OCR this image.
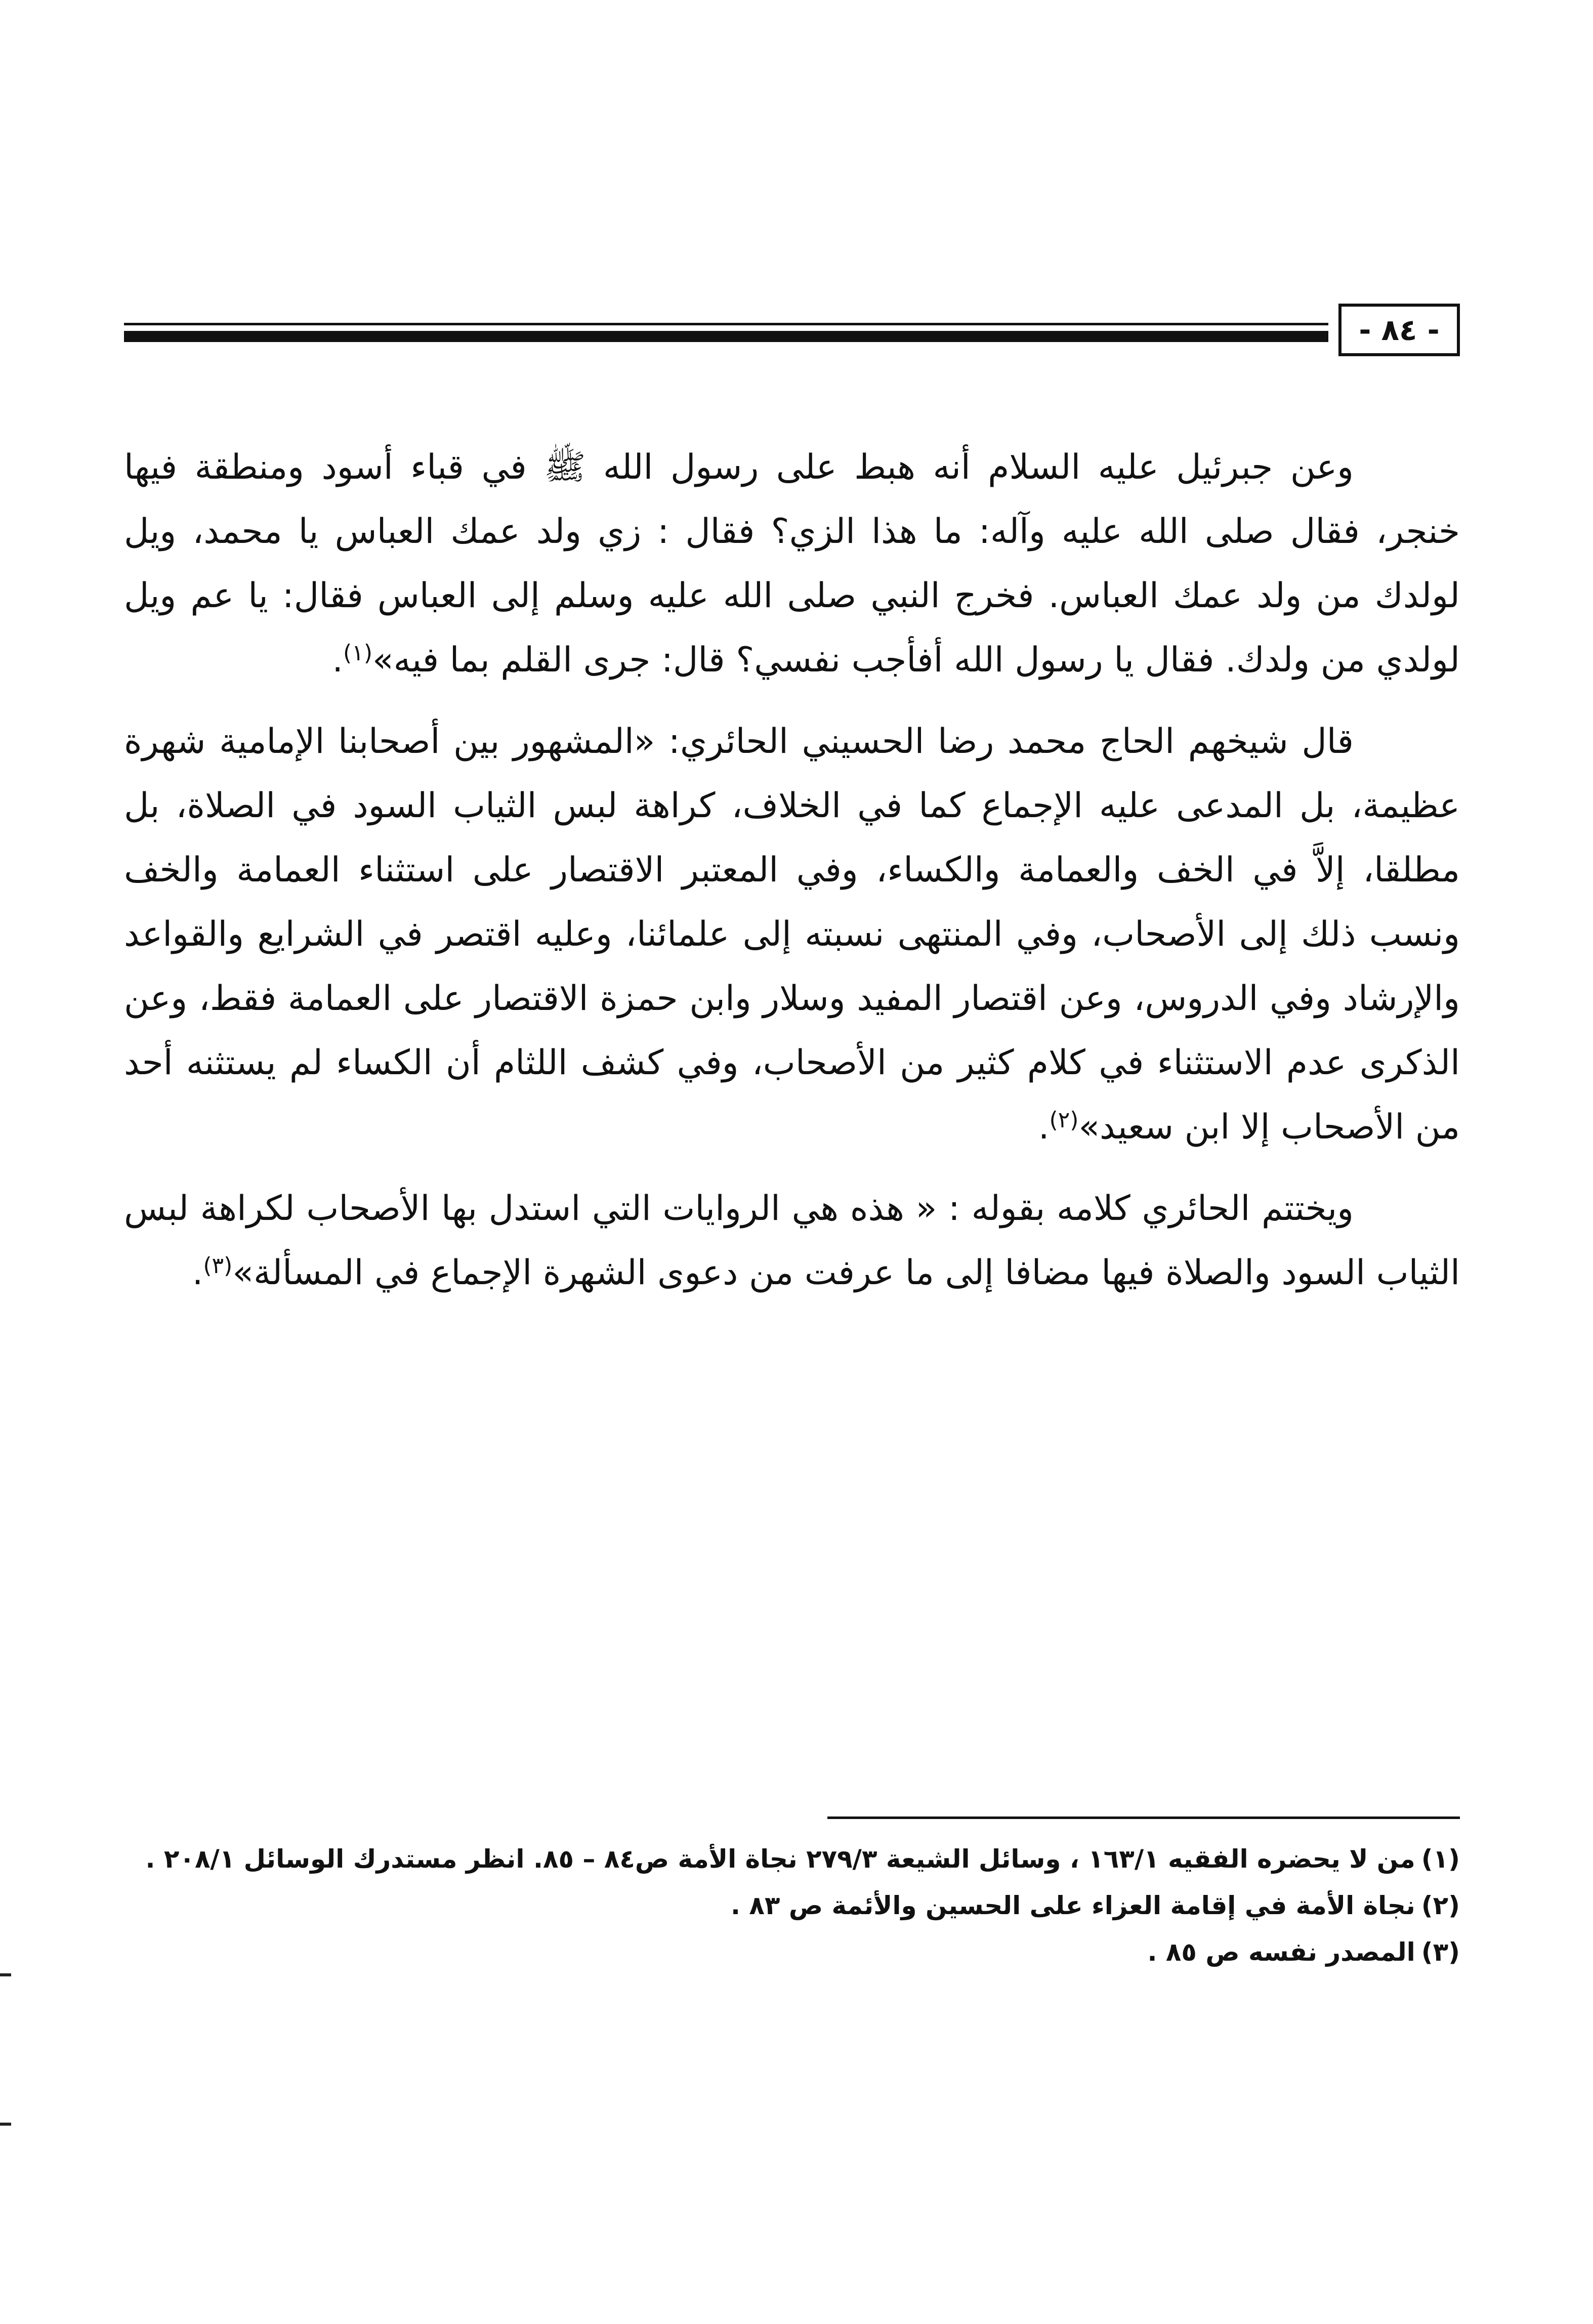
- ٨٤ -

وعن جبرئيل عليه السلام أنه هبط على رسول الله ﷺ في قباء أسود ومنطقة فيها خنجر، فقال صلى الله عليه وآله: ما هذا الزي؟ فقال : زي ولد عمك العباس يا محمد، ويل لولدك من ولد عمك العباس. فخرج النبي صلى الله عليه وسلم إلى العباس فقال: يا عم ويل لولدي من ولدك. فقال يا رسول الله أفأجب نفسي؟ قال: جرى القلم بما فيه»$^{(١)}$.

قال شيخهم الحاج محمد رضا الحسيني الحائري: «المشهور بين أصحابنا الإمامية شهرة عظيمة، بل المدعى عليه الإجماع كما في الخلاف، كراهة لبس الثياب السود في الصلاة، بل مطلقا، إلاَّ في الخف والعمامة والكساء، وفي المعتبر الاقتصار على استثناء العمامة والخف ونسب ذلك إلى الأصحاب، وفي المنتهى نسبته إلى علمائنا، وعليه اقتصر في الشرايع والقواعد والإرشاد وفي الدروس، وعن اقتصار المفيد وسلار وابن حمزة الاقتصار على العمامة فقط، وعن الذكرى عدم الاستثناء في كلام كثير من الأصحاب، وفي كشف اللثام أن الكساء لم يستثنه أحد من الأصحاب إلا ابن سعيد»$^{(٢)}$.

ويختتم الحائري كلامه بقوله : « هذه هي الروايات التي استدل بها الأصحاب لكراهة لبس الثياب السود والصلاة فيها مضافا إلى ما عرفت من دعوى الشهرة الإجماع في المسألة»$^{(٣)}$.

(١)من لا يحضره الفقيه ١٦٣/١ ، وسائل الشيعة ٢٧٩/٣ نجاة الأمة ص٨٤ – ٨٥. انظر مستدرك الوسائل ٢٠٨/١ .
(٢)نجاة الأمة في إقامة العزاء على الحسين والأئمة ص ٨٣ .
(٣)المصدر نفسه ص ٨٥ .
